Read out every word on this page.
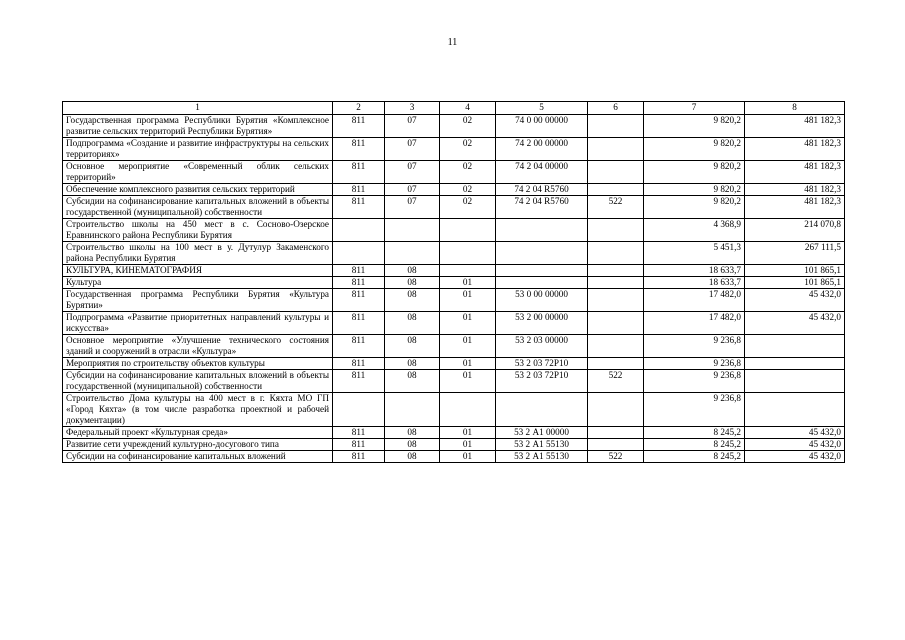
11
1	2	3	4	5	6	7	8
Государственная программа Республики Бурятия «Комплексное развитие сельских территорий Республики Бурятия»	811	07	02	74 0 00 00000		9 820,2	481 182,3
Подпрограмма «Создание и развитие инфраструктуры на сельских территориях»	811	07	02	74 2 00 00000		9 820,2	481 182,3
Основное мероприятие «Современный облик сельских территорий»	811	07	02	74 2 04 00000		9 820,2	481 182,3
Обеспечение комплексного развития сельских территорий	811	07	02	74 2 04 R5760		9 820,2	481 182,3
Субсидии на софинансирование капитальных вложений в объекты государственной (муниципальной) собственности	811	07	02	74 2 04 R5760	522	9 820,2	481 182,3
Строительство школы на 450 мест в с. Сосново-Озерское Еравнинского района Республики Бурятия						4 368,9	214 070,8
Строительство школы на 100 мест в у. Дутулур Закаменского района Республики Бурятия						5 451,3	267 111,5
КУЛЬТУРА, КИНЕМАТОГРАФИЯ	811	08				18 633,7	101 865,1
Культура	811	08	01			18 633,7	101 865,1
Государственная программа Республики Бурятия «Культура Бурятии»	811	08	01	53 0 00 00000		17 482,0	45 432,0
Подпрограмма «Развитие приоритетных направлений культуры и искусства»	811	08	01	53 2 00 00000		17 482,0	45 432,0
Основное мероприятие «Улучшение технического состояния зданий и сооружений в отрасли «Культура»	811	08	01	53 2 03 00000		9 236,8	
Мероприятия по строительству объектов культуры	811	08	01	53 2 03 72Р10		9 236,8	
Субсидии на софинансирование капитальных вложений в объекты государственной (муниципальной) собственности	811	08	01	53 2 03 72Р10	522	9 236,8	
Строительство Дома культуры на 400 мест в г. Кяхта МО ГП «Город Кяхта» (в том числе разработка проектной и рабочей документации)						9 236,8	
Федеральный проект «Культурная среда»	811	08	01	53 2 А1 00000		8 245,2	45 432,0
Развитие сети учреждений культурно-досугового типа	811	08	01	53 2 А1 55130		8 245,2	45 432,0
Субсидии на софинансирование капитальных вложений	811	08	01	53 2 А1 55130	522	8 245,2	45 432,0
